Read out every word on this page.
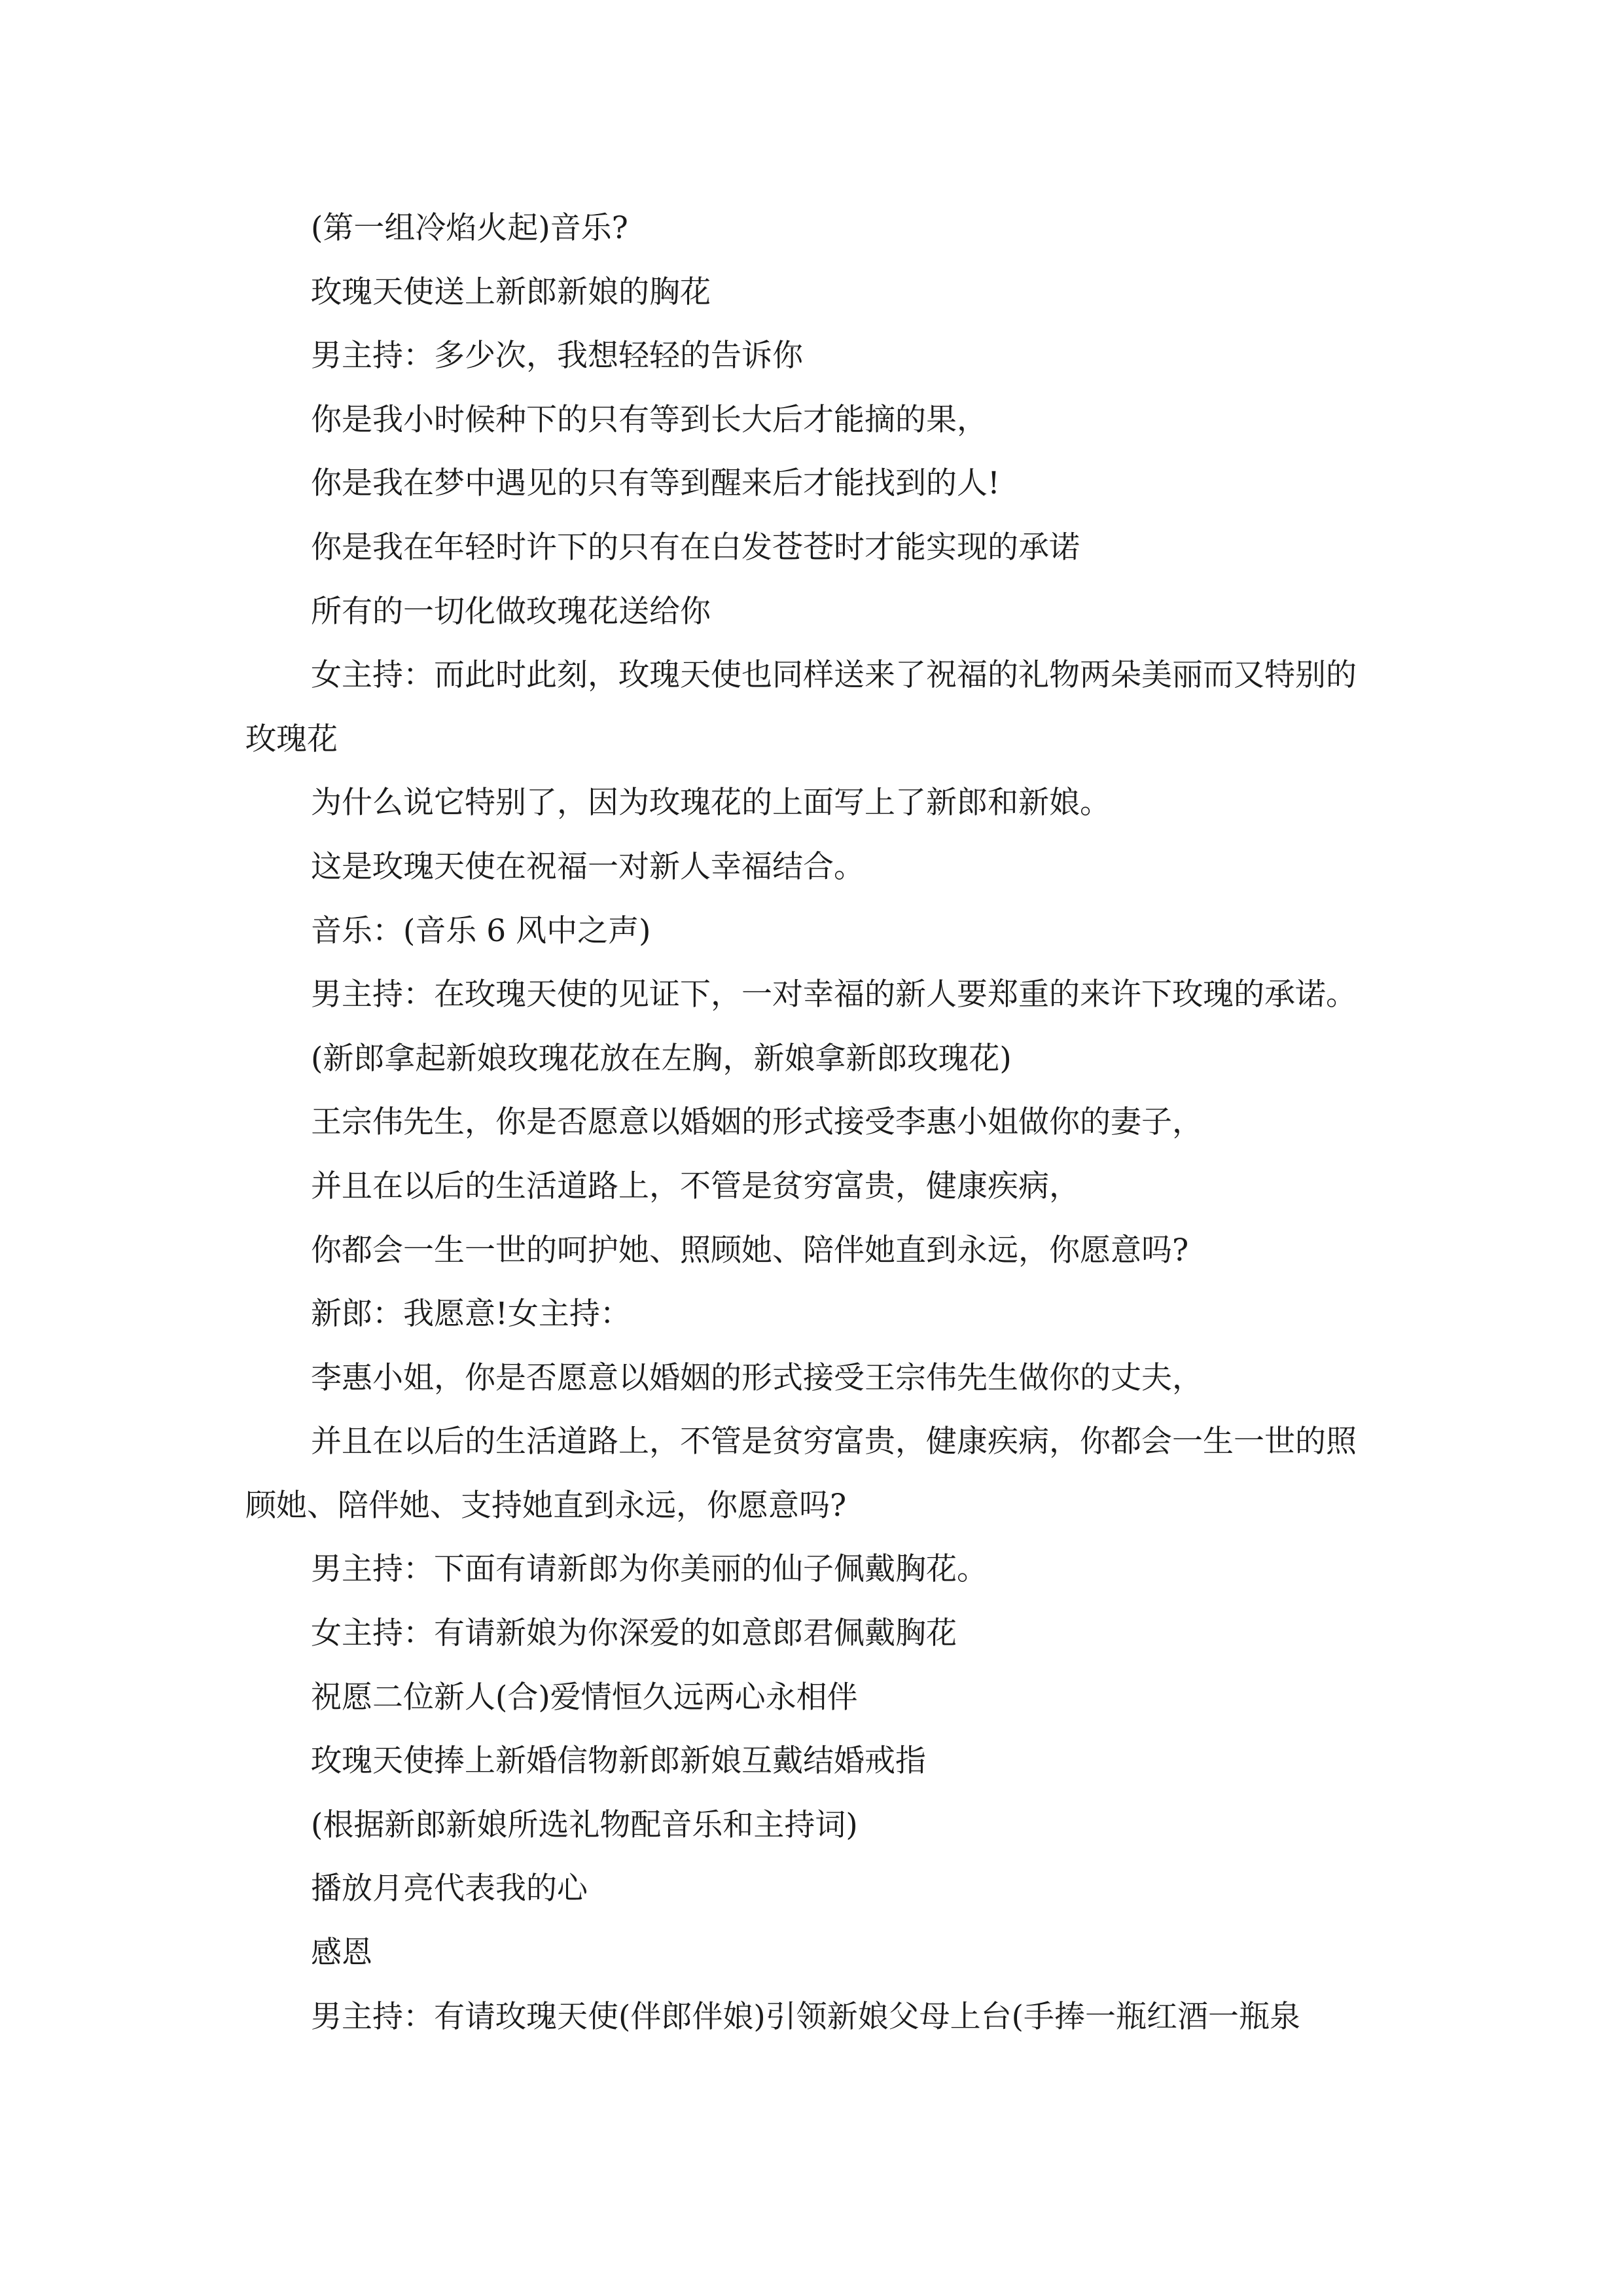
(第一组冷焰火起)音乐?

玫瑰天使送上新郎新娘的胸花

男主持：多少次，我想轻轻的告诉你

你是我小时候种下的只有等到长大后才能摘的果，

你是我在梦中遇见的只有等到醒来后才能找到的人!

你是我在年轻时许下的只有在白发苍苍时才能实现的承诺

所有的一切化做玫瑰花送给你

女主持：而此时此刻，玫瑰天使也同样送来了祝福的礼物两朵美丽而又特别的玫瑰花

为什么说它特别了，因为玫瑰花的上面写上了新郎和新娘。

这是玫瑰天使在祝福一对新人幸福结合。

音乐：(音乐 6 风中之声)

男主持：在玫瑰天使的见证下，一对幸福的新人要郑重的来许下玫瑰的承诺。

(新郎拿起新娘玫瑰花放在左胸，新娘拿新郎玫瑰花)

王宗伟先生，你是否愿意以婚姻的形式接受李惠小姐做你的妻子，

并且在以后的生活道路上，不管是贫穷富贵，健康疾病，

你都会一生一世的呵护她、照顾她、陪伴她直到永远，你愿意吗?

新郎：我愿意!女主持：

李惠小姐，你是否愿意以婚姻的形式接受王宗伟先生做你的丈夫，

并且在以后的生活道路上，不管是贫穷富贵，健康疾病，你都会一生一世的照顾她、陪伴她、支持她直到永远，你愿意吗?

男主持：下面有请新郎为你美丽的仙子佩戴胸花。

女主持：有请新娘为你深爱的如意郎君佩戴胸花

祝愿二位新人(合)爱情恒久远两心永相伴

玫瑰天使捧上新婚信物新郎新娘互戴结婚戒指

(根据新郎新娘所选礼物配音乐和主持词)

播放月亮代表我的心

感恩

男主持：有请玫瑰天使(伴郎伴娘)引领新娘父母上台(手捧一瓶红酒一瓶泉
